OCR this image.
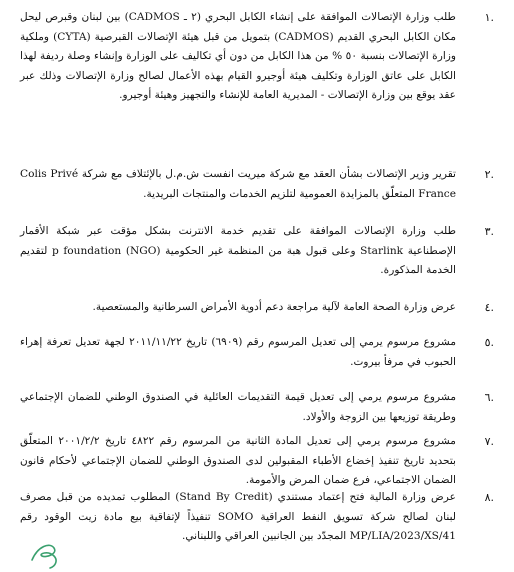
.١
طلب وزارة الإتصالات الموافقة على إنشاء الكابل البحري (٢ ـ CADMOS) بين لبنان وقبرص ليحل مكان الكابل البحري القديم (CADMOS) بتمويل من قبل هيئة الإتصالات القبرصية (CYTA) وملكية وزارة الإتصالات بنسبة ٥٠ % من هذا الكابل من دون أي تكاليف على الوزارة وإنشاء وصلة رديفة لهذا الكابل على عاتق الوزارة وتكليف هيئة أوجيرو القيام بهذه الأعمال لصالح وزارة الإتصالات وذلك عبر عقد يوقع بين وزارة الإتصالات - المديرية العامة للإنشاء والتجهيز وهيئة أوجيرو.
.٢
تقرير وزير الإتصالات بشأن العقد مع شركة ميريت انفست ش.م.ل بالإئتلاف مع شركة Colis Privé France المتعلّق بالمزايدة العمومية لتلزيم الخدمات والمنتجات البريدية.
.٣
طلب وزارة الإتصالات الموافقة على تقديم خدمة الانترنت بشكل مؤقت عبر شبكة الأقمار الإصطناعية Starlink وعلى قبول هبة من المنظمة غير الحكومية (NGO) p foundation لتقديم الخدمة المذكورة.
.٤
عرض وزارة الصحة العامة لآلية مراجعة دعم أدوية الأمراض السرطانية والمستعصية.
.٥
مشروع مرسوم يرمي إلى تعديل المرسوم رقم (٦٩٠٩) تاريخ ٢٠١١/١١/٢٢ لجهة تعديل تعرفة إهراء الحبوب في مرفأ بيروت.
.٦
مشروع مرسوم يرمي إلى تعديل قيمة التقديمات العائلية في الصندوق الوطني للضمان الإجتماعي وطريقة توزيعها بين الزوجة والأولاد.
.٧
مشروع مرسوم يرمي إلى تعديل المادة الثانية من المرسوم رقم ٤٨٢٢ تاريخ ٢٠٠١/٢/٢ المتعلّق بتحديد تاريخ تنفيذ إخضاع الأطباء المقبولين لدى الصندوق الوطني للضمان الإجتماعي لأحكام قانون الضمان الاجتماعي، فرع ضمان المرض والأمومة.
.٨
عرض وزارة المالية فتح إعتماد مستندي (Stand By Credit) المطلوب تمديده من قبل مصرف لبنان لصالح شركة تسويق النفط العراقية SOMO تنفيذاً لإتفاقية بيع مادة زيت الوقود رقم MP/LIA/2023/XS/41 المجدّد بين الجانبين العراقي واللبناني.
